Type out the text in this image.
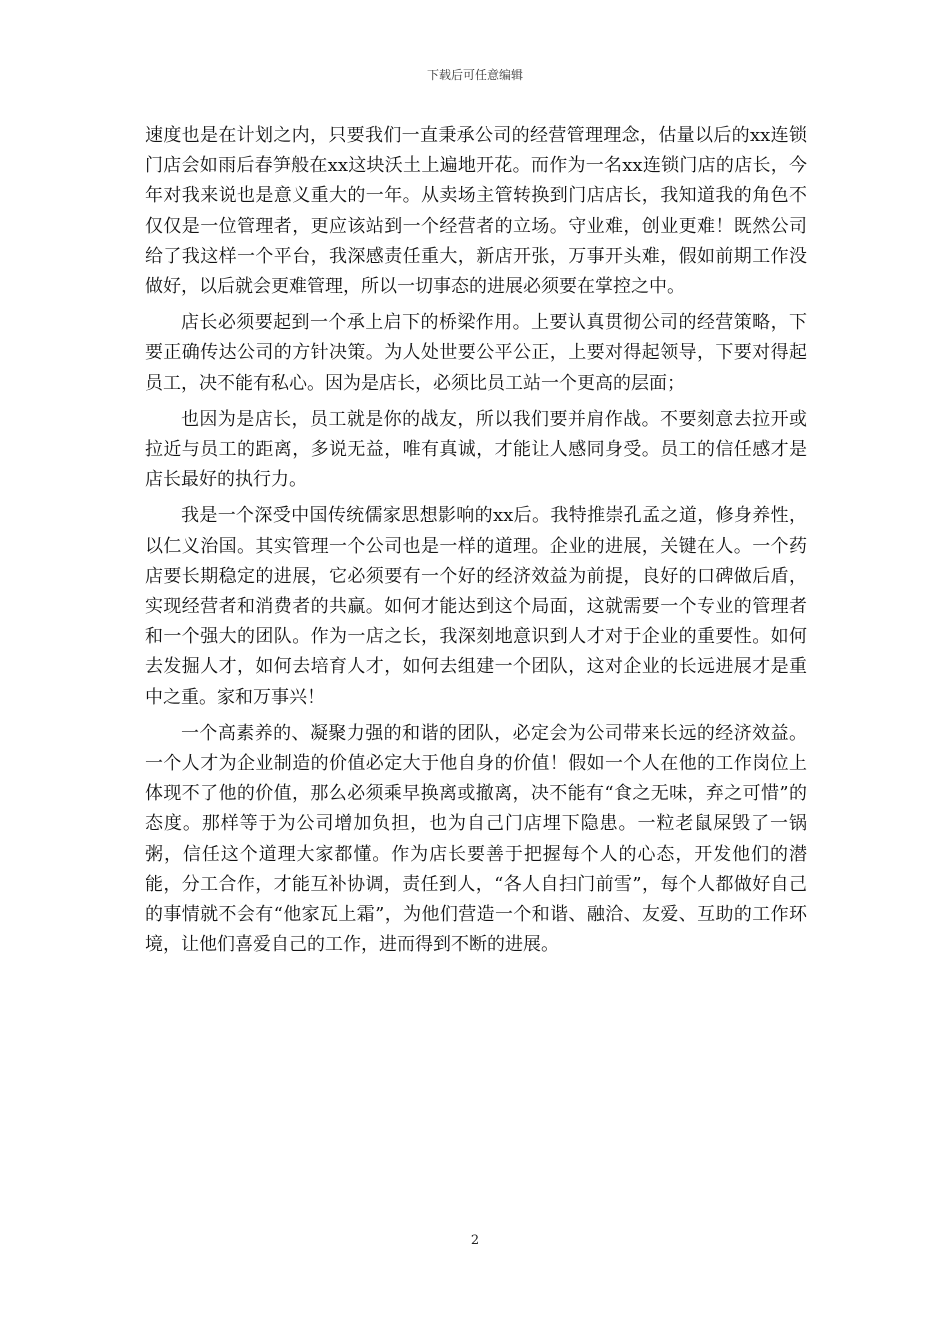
下载后可任意编辑

速度也是在计划之内，只要我们一直秉承公司的经营管理理念，估量以后的xx连锁门店会如雨后春笋般在xx这块沃土上遍地开花。而作为一名xx连锁门店的店长，今年对我来说也是意义重大的一年。从卖场主管转换到门店店长，我知道我的角色不仅仅是一位管理者，更应该站到一个经营者的立场。守业难，创业更难！既然公司给了我这样一个平台，我深感责任重大，新店开张，万事开头难，假如前期工作没做好，以后就会更难管理，所以一切事态的进展必须要在掌控之中。

店长必须要起到一个承上启下的桥梁作用。上要认真贯彻公司的经营策略，下要正确传达公司的方针决策。为人处世要公平公正，上要对得起领导，下要对得起员工，决不能有私心。因为是店长，必须比员工站一个更高的层面；

也因为是店长，员工就是你的战友，所以我们要并肩作战。不要刻意去拉开或拉近与员工的距离，多说无益，唯有真诚，才能让人感同身受。员工的信任感才是店长最好的执行力。

我是一个深受中国传统儒家思想影响的xx后。我特推崇孔孟之道，修身养性，以仁义治国。其实管理一个公司也是一样的道理。企业的进展，关键在人。一个药店要长期稳定的进展，它必须要有一个好的经济效益为前提，良好的口碑做后盾，实现经营者和消费者的共赢。如何才能达到这个局面，这就需要一个专业的管理者和一个强大的团队。作为一店之长，我深刻地意识到人才对于企业的重要性。如何去发掘人才，如何去培育人才，如何去组建一个团队，这对企业的长远进展才是重中之重。家和万事兴！

一个高素养的、凝聚力强的和谐的团队，必定会为公司带来长远的经济效益。一个人才为企业制造的价值必定大于他自身的价值！假如一个人在他的工作岗位上体现不了他的价值，那么必须乘早换离或撤离，决不能有“食之无味，弃之可惜”的态度。那样等于为公司增加负担，也为自己门店埋下隐患。一粒老鼠屎毁了一锅粥，信任这个道理大家都懂。作为店长要善于把握每个人的心态，开发他们的潜能，分工合作，才能互补协调，责任到人，“各人自扫门前雪”，每个人都做好自己的事情就不会有“他家瓦上霜”，为他们营造一个和谐、融洽、友爱、互助的工作环境，让他们喜爱自己的工作，进而得到不断的进展。

2
